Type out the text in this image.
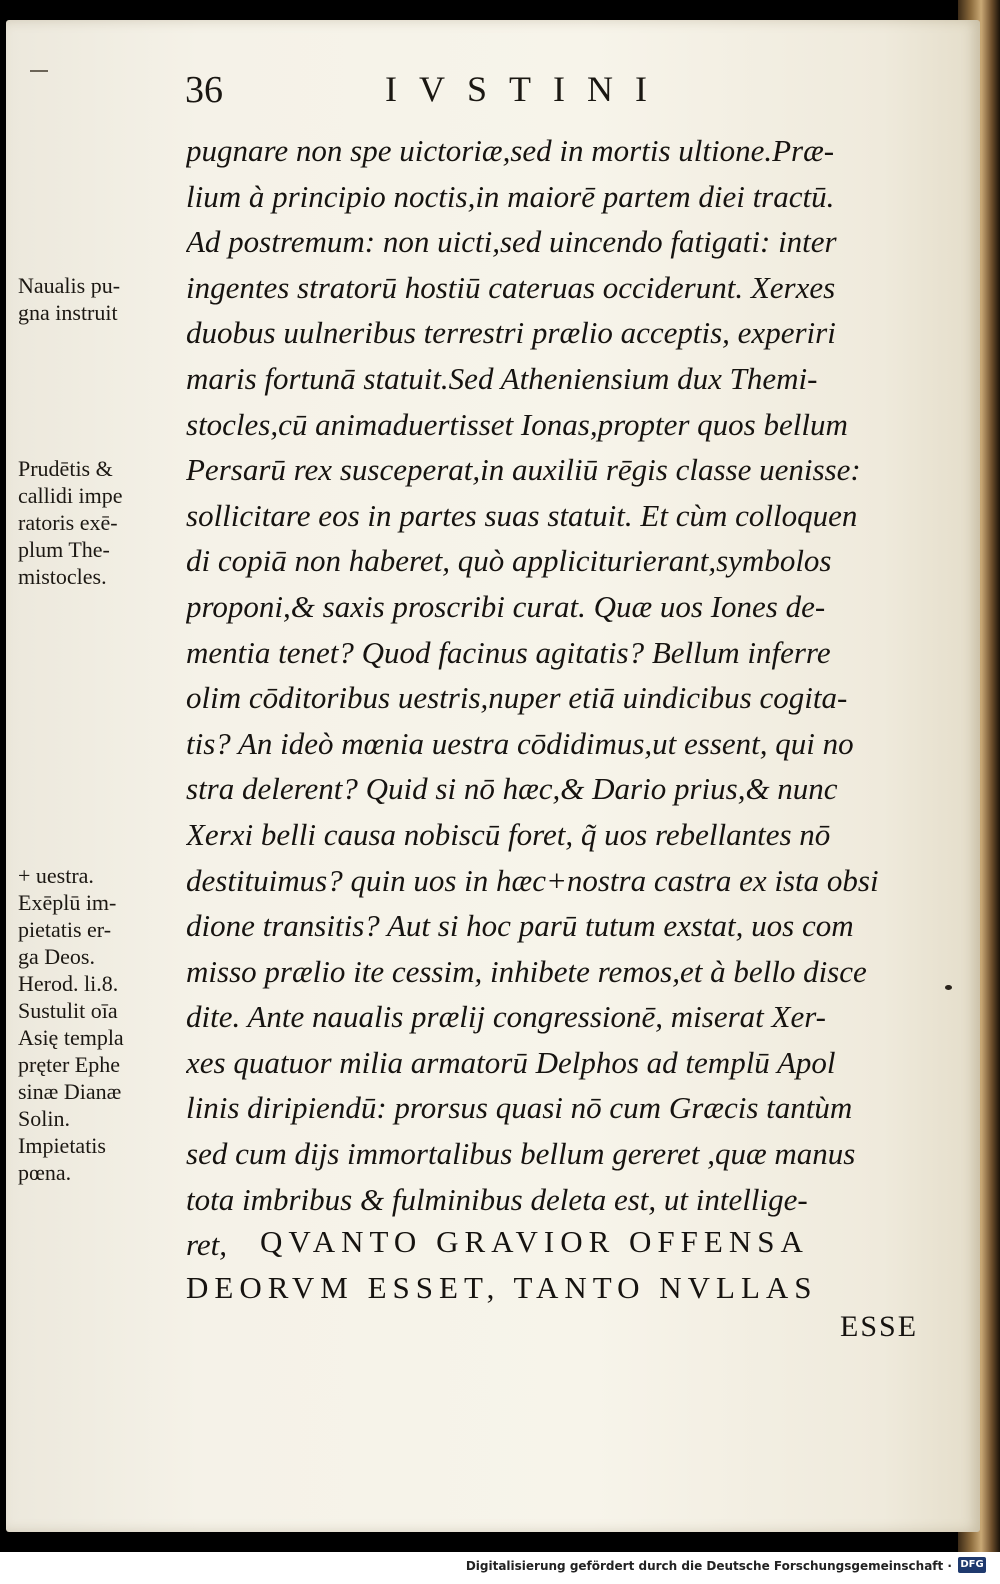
36	IVSTINI
pugnare non spe uictoriæ,sed in mortis ultione.Præ-
lium à principio noctis,in maiorē partem diei tractū.
Ad postremum: non uicti,sed uincendo fatigati: inter
ingentes stratorū hostiū cateruas occiderunt. Xerxes
duobus uulneribus terrestri prælio acceptis, experiri
maris fortunā statuit.Sed Atheniensium dux Themi-
stocles,cū animaduertisset Ionas,propter quos bellum
Persarū rex susceperat,in auxiliū rēgis classe uenisse:
sollicitare eos in partes suas statuit. Et cùm colloquen
di copiā non haberet, quò appliciturierant,symbolos
proponi,& saxis proscribi curat. Quæ uos Iones de-
mentia tenet? Quod facinus agitatis? Bellum inferre
olim cōditoribus uestris,nuper etiā uindicibus cogita-
tis? An ideò mœnia uestra cōdidimus,ut essent, qui no
stra delerent? Quid si nō hæc,& Dario prius,& nunc
Xerxi belli causa nobiscū foret, q̃ uos rebellantes nō
destituimus? quin uos in hæc+nostra castra ex ista obsi
dione transitis? Aut si hoc parū tutum exstat, uos com
misso prælio ite cessim, inhibete remos,et à bello disce
dite. Ante naualis prælij congressionē, miserat Xer-
xes quatuor milia armatorū Delphos ad templū Apol
linis diripiendū: prorsus quasi nō cum Græcis tantùm
sed cum dijs immortalibus bellum gereret ,quæ manus
tota imbribus & fulminibus deleta est, ut intellige-
ret,	QVANTO GRAVIOR OFFENSA
DEORVM ESSET, TANTO NVLLAS
ESSE
Naualis pu-
gna instruit
Prudētis &
callidi impe
ratoris exē-
plum The-
mistocles.
+ uestra.
Exēplū im-
pietatis er-
ga Deos.
Herod. li.8.
Sustulit oīa
Asię templa
pręter Ephe
sinæ Dianæ
Solin.
Impietatis
pœna.
Digitalisierung gefördert durch die Deutsche Forschungsgemeinschaft · DFG
